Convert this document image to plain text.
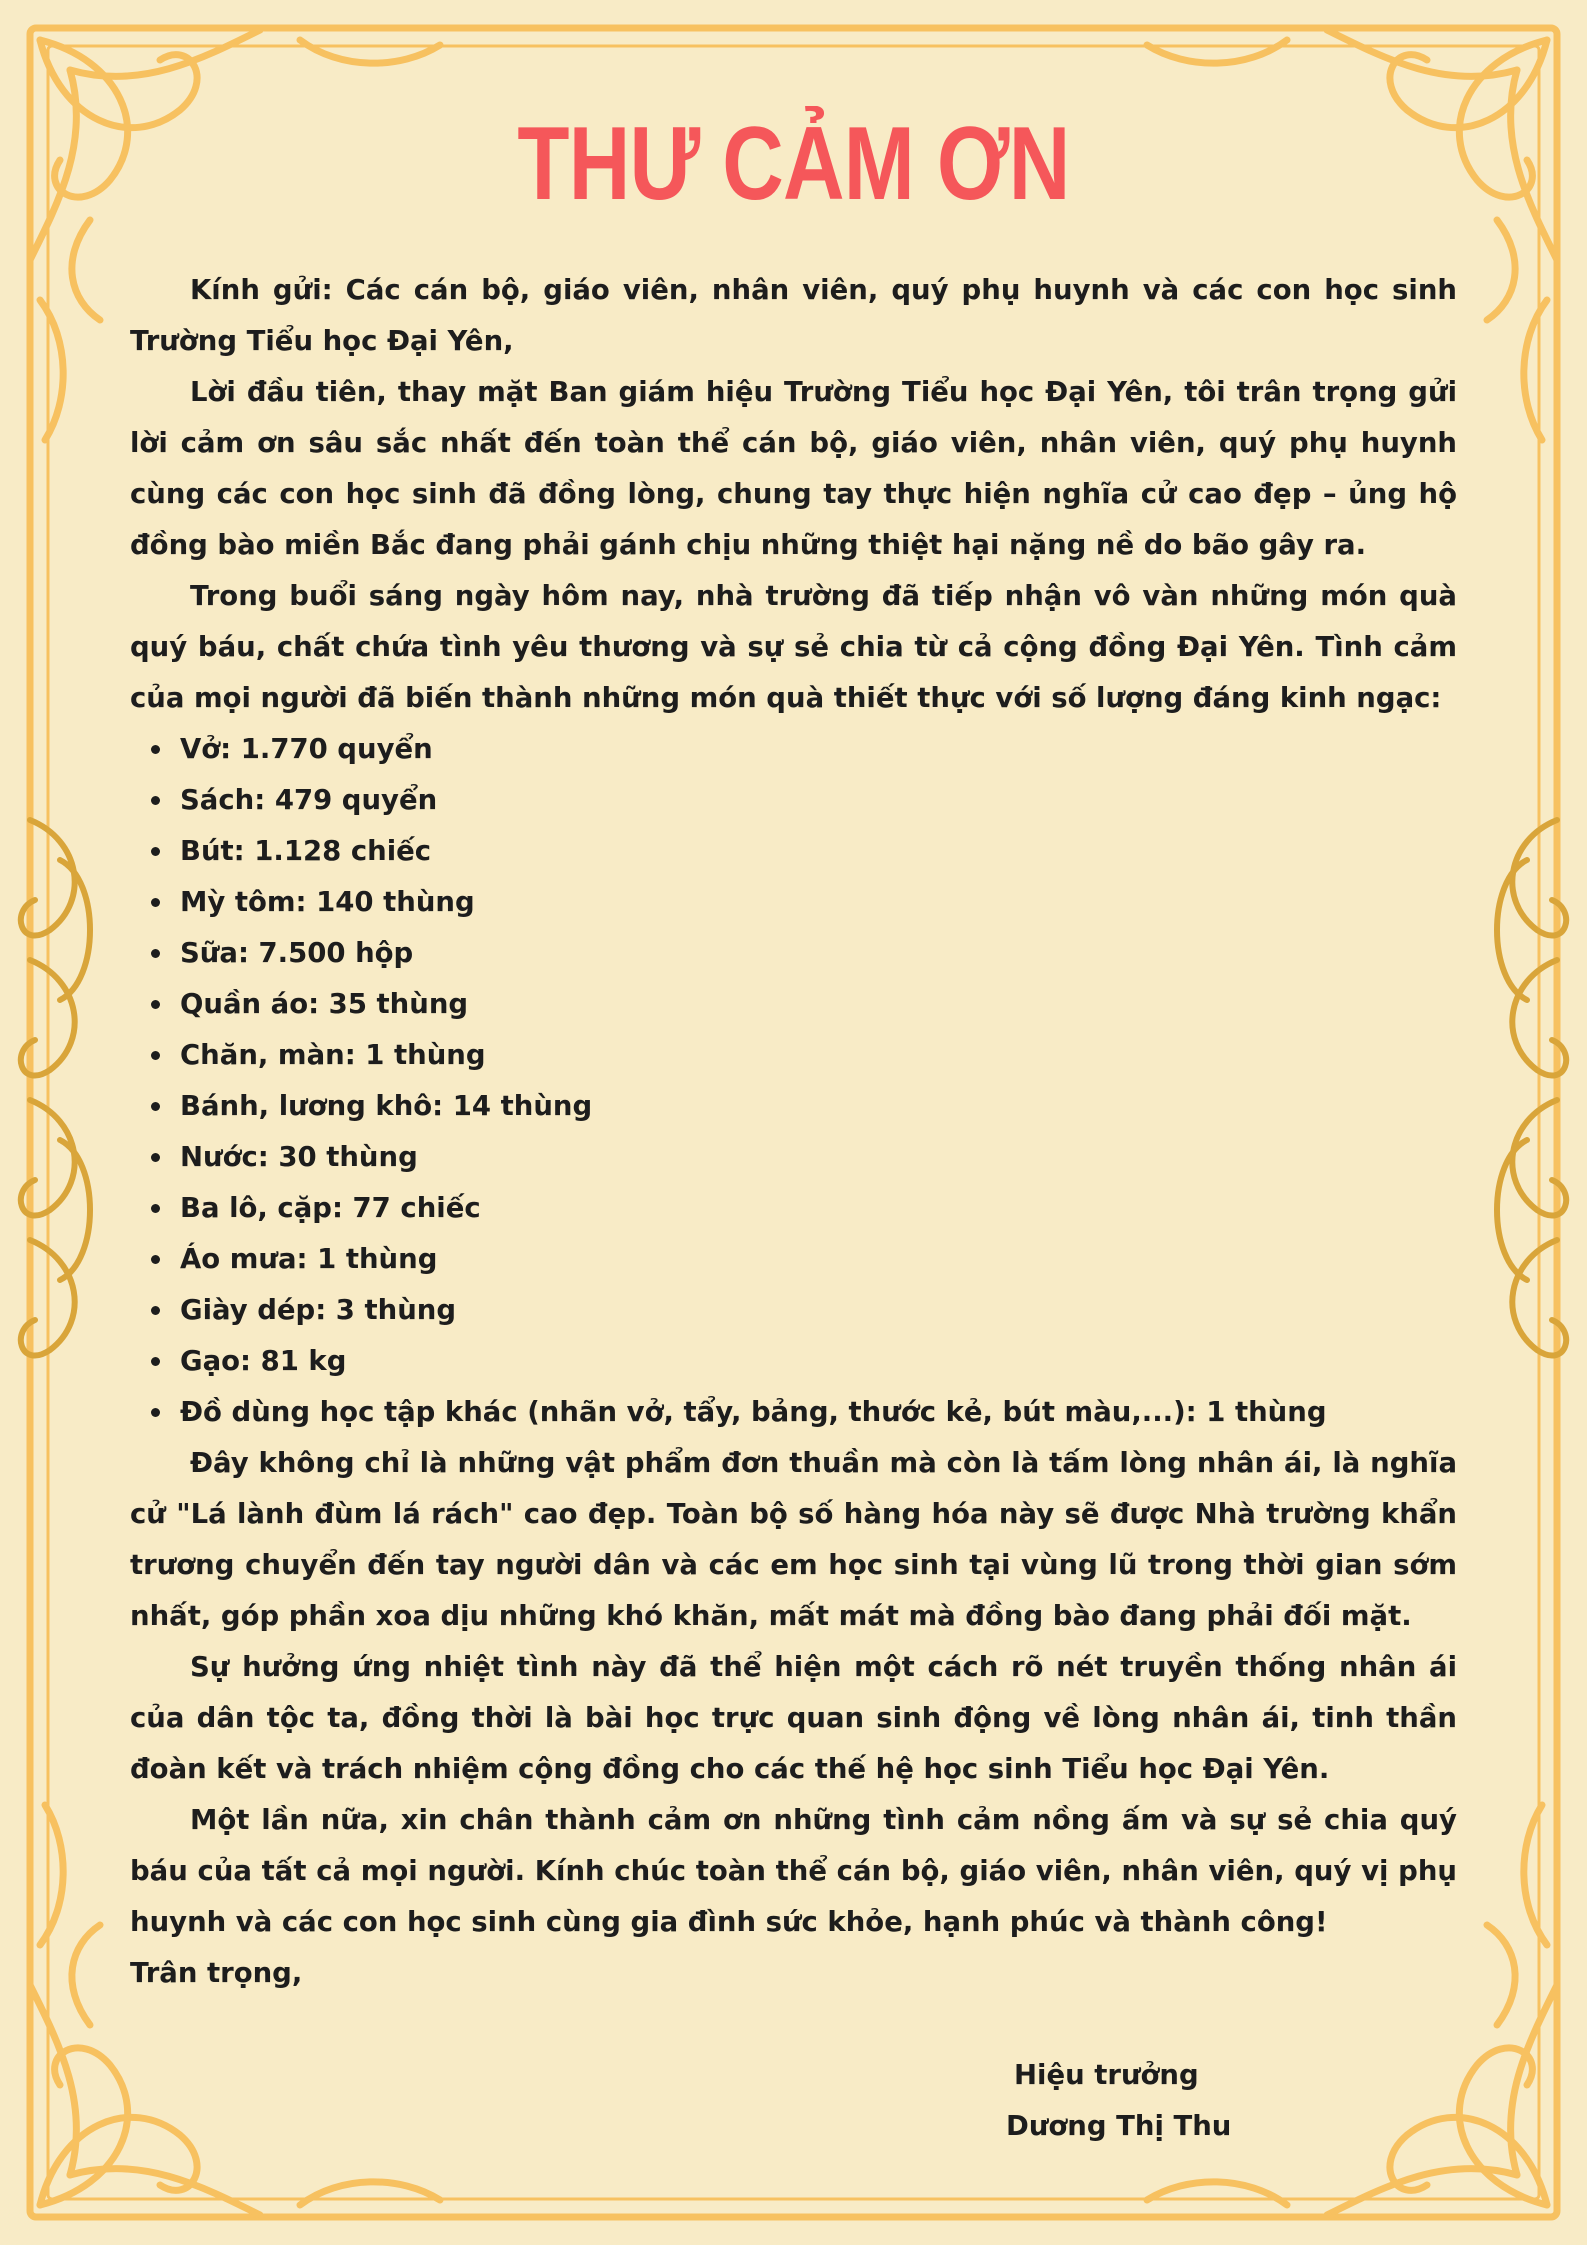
THƯ CẢM ƠN

Kính gửi: Các cán bộ, giáo viên, nhân viên, quý phụ huynh và các con học sinh Trường Tiểu học Đại Yên,

Lời đầu tiên, thay mặt Ban giám hiệu Trường Tiểu học Đại Yên, tôi trân trọng gửi lời cảm ơn sâu sắc nhất đến toàn thể cán bộ, giáo viên, nhân viên, quý phụ huynh cùng các con học sinh đã đồng lòng, chung tay thực hiện nghĩa cử cao đẹp – ủng hộ đồng bào miền Bắc đang phải gánh chịu những thiệt hại nặng nề do bão gây ra.

Trong buổi sáng ngày hôm nay, nhà trường đã tiếp nhận vô vàn những món quà quý báu, chất chứa tình yêu thương và sự sẻ chia từ cả cộng đồng Đại Yên. Tình cảm của mọi người đã biến thành những món quà thiết thực với số lượng đáng kinh ngạc:

Vở: 1.770 quyển
Sách: 479 quyển
Bút: 1.128 chiếc
Mỳ tôm: 140 thùng
Sữa: 7.500 hộp
Quần áo: 35 thùng
Chăn, màn: 1 thùng
Bánh, lương khô: 14 thùng
Nước: 30 thùng
Ba lô, cặp: 77 chiếc
Áo mưa: 1 thùng
Giày dép: 3 thùng
Gạo: 81 kg
Đồ dùng học tập khác (nhãn vở, tẩy, bảng, thước kẻ, bút màu,...): 1 thùng

Đây không chỉ là những vật phẩm đơn thuần mà còn là tấm lòng nhân ái, là nghĩa cử "Lá lành đùm lá rách" cao đẹp. Toàn bộ số hàng hóa này sẽ được Nhà trường khẩn trương chuyển đến tay người dân và các em học sinh tại vùng lũ trong thời gian sớm nhất, góp phần xoa dịu những khó khăn, mất mát mà đồng bào đang phải đối mặt.

Sự hưởng ứng nhiệt tình này đã thể hiện một cách rõ nét truyền thống nhân ái của dân tộc ta, đồng thời là bài học trực quan sinh động về lòng nhân ái, tinh thần đoàn kết và trách nhiệm cộng đồng cho các thế hệ học sinh Tiểu học Đại Yên.

Một lần nữa, xin chân thành cảm ơn những tình cảm nồng ấm và sự sẻ chia quý báu của tất cả mọi người. Kính chúc toàn thể cán bộ, giáo viên, nhân viên, quý vị phụ huynh và các con học sinh cùng gia đình sức khỏe, hạnh phúc và thành công!

Trân trọng,

Hiệu trưởng
Dương Thị Thu
